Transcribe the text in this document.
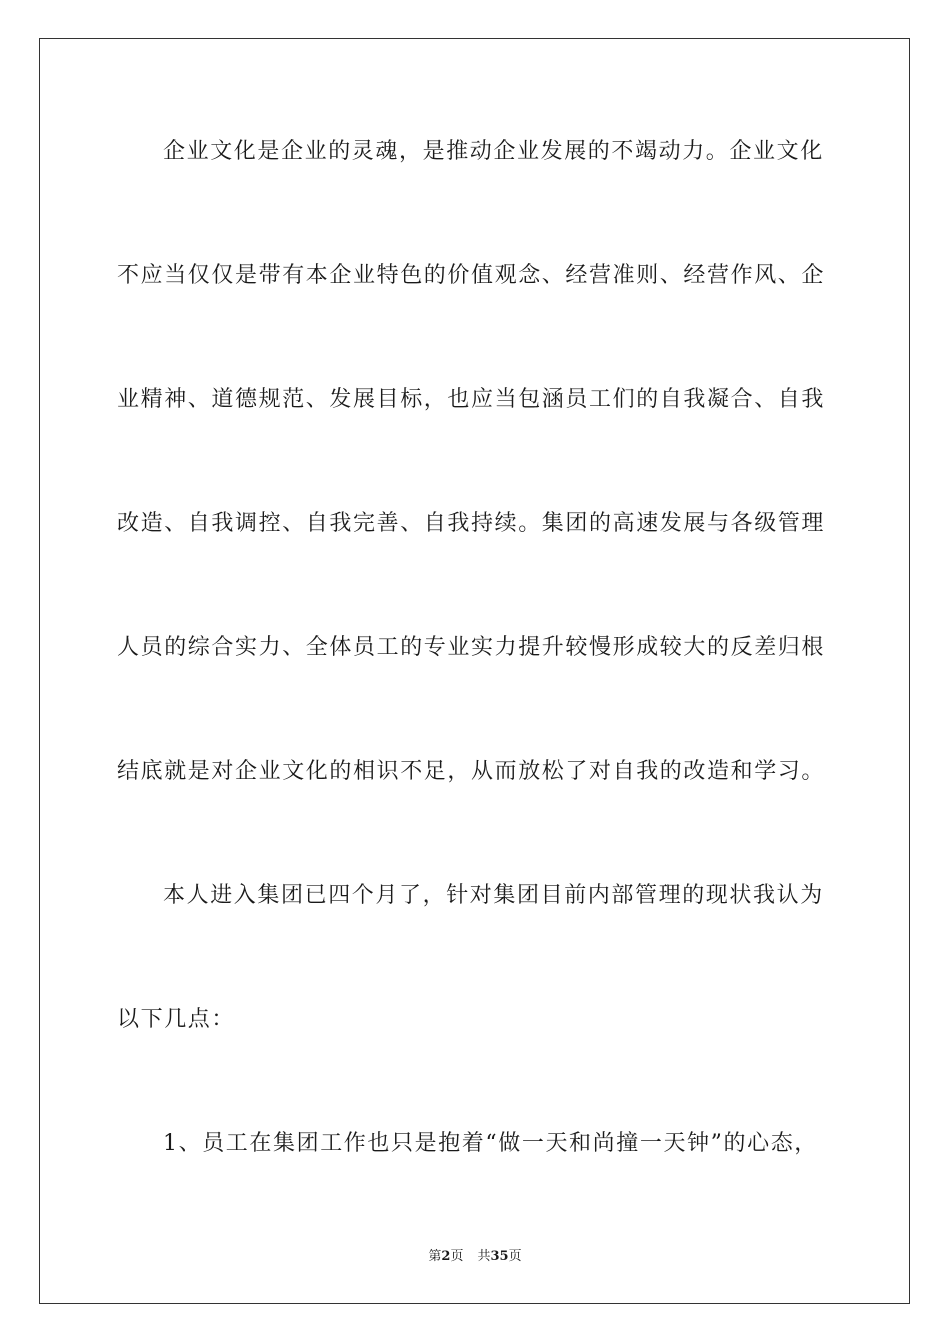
企业文化是企业的灵魂，是推动企业发展的不竭动力。企业文化
不应当仅仅是带有本企业特色的价值观念、经营准则、经营作风、企
业精神、道德规范、发展目标，也应当包涵员工们的自我凝合、自我
改造、自我调控、自我完善、自我持续。集团的高速发展与各级管理
人员的综合实力、全体员工的专业实力提升较慢形成较大的反差归根
结底就是对企业文化的相识不足，从而放松了对自我的改造和学习。
本人进入集团已四个月了，针对集团目前内部管理的现状我认为
以下几点：
1、员工在集团工作也只是抱着“做一天和尚撞一天钟”的心态，
第2页 共35页
